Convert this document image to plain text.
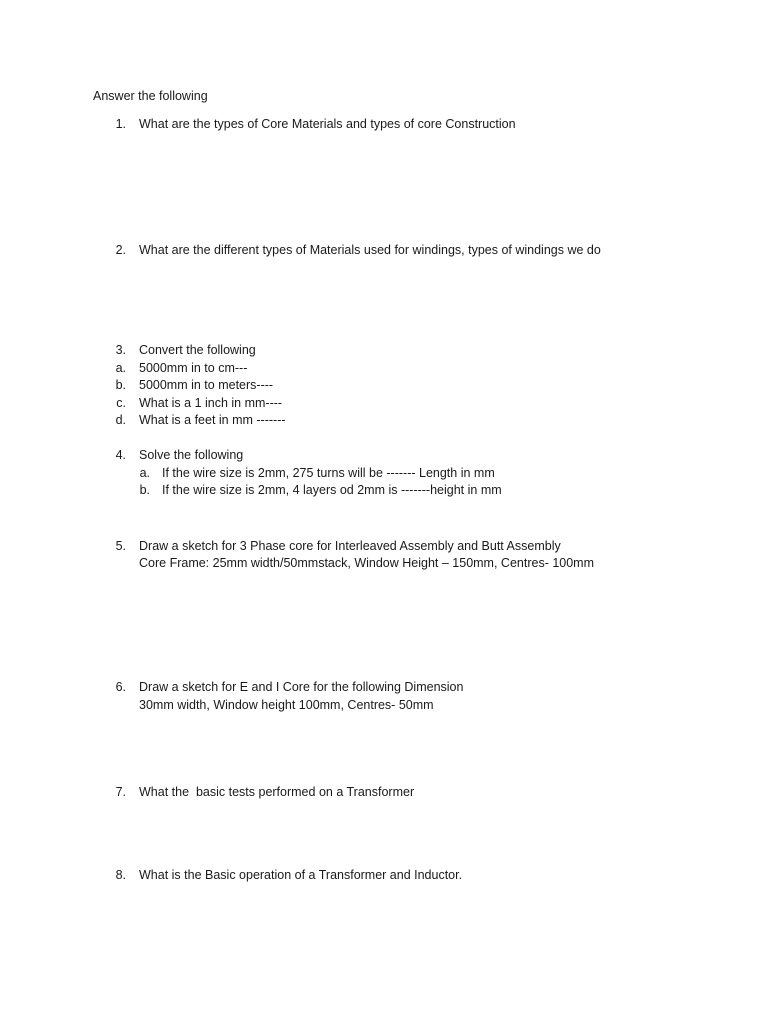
Answer the following
1. What are the types of Core Materials and types of core Construction
2. What are the different types of Materials used for windings, types of windings we do
3. Convert the following
a. 5000mm in to cm---
b. 5000mm in to meters----
c. What is a 1 inch in mm----
d. What is a feet in mm -------
4. Solve the following
a. If the wire size is 2mm, 275 turns will be ------- Length in mm
b. If the wire size is 2mm, 4 layers od 2mm is -------height in mm
5. Draw a sketch for 3 Phase core for Interleaved Assembly and Butt Assembly
Core Frame: 25mm width/50mmstack, Window Height – 150mm, Centres- 100mm
6. Draw a sketch for E and I Core for the following Dimension
30mm width, Window height 100mm, Centres- 50mm
7. What the  basic tests performed on a Transformer
8. What is the Basic operation of a Transformer and Inductor.
